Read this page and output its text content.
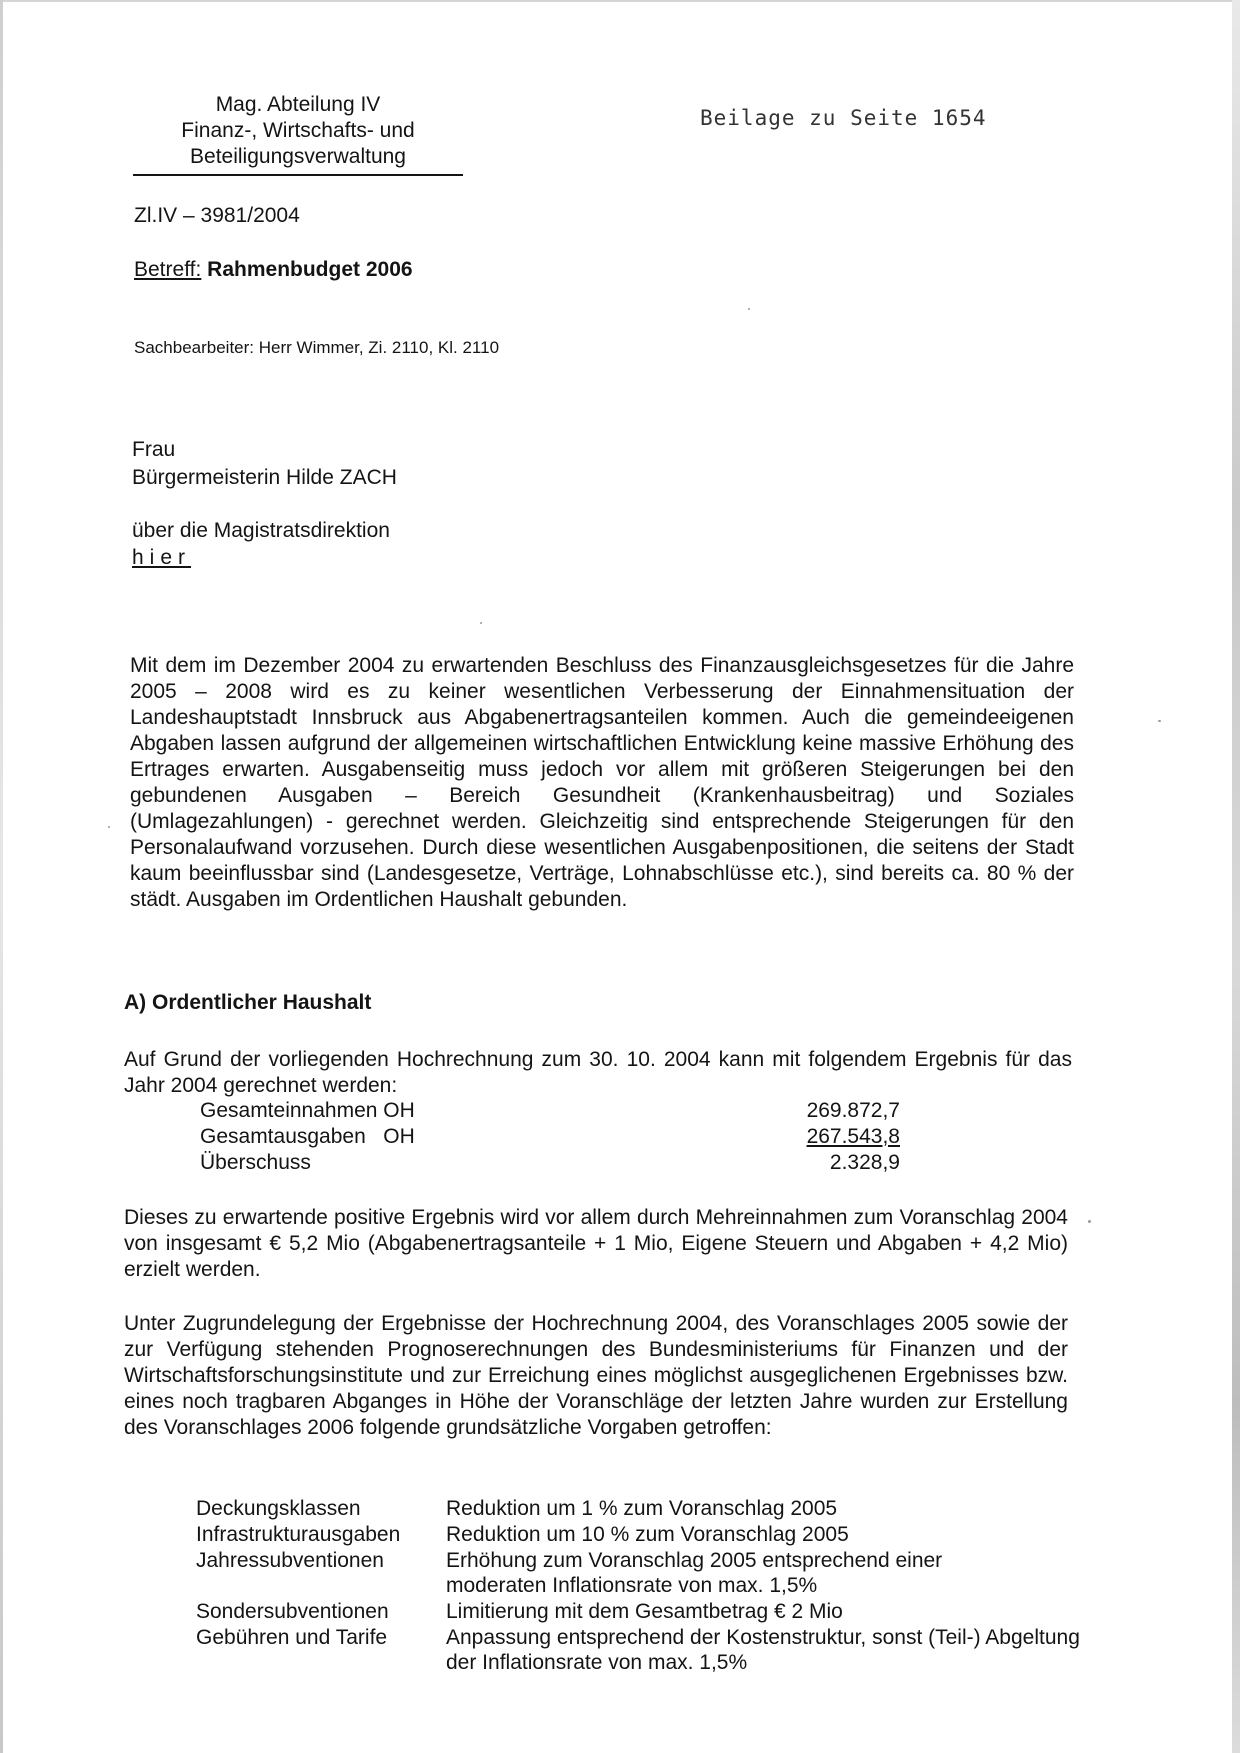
Mag. Abteilung IV
Finanz-, Wirtschafts- und
Beteiligungsverwaltung
Beilage zu Seite 1654
Zl.IV – 3981/2004
Betreff: Rahmenbudget 2006
Sachbearbeiter: Herr Wimmer, Zi. 2110, Kl. 2110
Frau
Bürgermeisterin Hilde ZACH
über die Magistratsdirektion
hier
Mit dem im Dezember 2004 zu erwartenden Beschluss des Finanzausgleichsgesetzes für die Jahre 2005 – 2008 wird es zu keiner wesentlichen Verbesserung der Einnahmensituation der Landeshauptstadt Innsbruck aus Abgabenertragsanteilen kommen. Auch die gemeindeeigenen Abgaben lassen aufgrund der allgemeinen wirtschaftlichen Entwicklung keine massive Erhöhung des Ertrages erwarten. Ausgabenseitig muss jedoch vor allem mit größeren Steigerungen bei den gebundenen Ausgaben – Bereich Gesundheit (Krankenhausbeitrag) und Soziales (Umlagezahlungen) - gerechnet werden. Gleichzeitig sind entsprechende Steigerungen für den Personalaufwand vorzusehen. Durch diese wesentlichen Ausgabenpositionen, die seitens der Stadt kaum beeinflussbar sind (Landesgesetze, Verträge, Lohnabschlüsse etc.), sind bereits ca. 80 % der städt. Ausgaben im Ordentlichen Haushalt gebunden.
A) Ordentlicher Haushalt
Auf Grund der vorliegenden Hochrechnung zum 30. 10. 2004 kann mit folgendem Ergebnis für das Jahr 2004 gerechnet werden:
Gesamteinnahmen OH	269.872,7
Gesamtausgaben   OH	267.543,8
Überschuss	2.328,9
Dieses zu erwartende positive Ergebnis wird vor allem durch Mehreinnahmen zum Voranschlag 2004 von insgesamt € 5,2 Mio (Abgabenertragsanteile + 1 Mio, Eigene Steuern und Abgaben + 4,2 Mio) erzielt werden.
Unter Zugrundelegung der Ergebnisse der Hochrechnung 2004, des Voranschlages 2005 sowie der zur Verfügung stehenden Prognoserechnungen des Bundesministeriums für Finanzen und der Wirtschaftsforschungsinstitute und zur Erreichung eines möglichst ausgeglichenen Ergebnisses bzw. eines noch tragbaren Abganges in Höhe der Voranschläge der letzten Jahre wurden zur Erstellung des Voranschlages 2006 folgende grundsätzliche Vorgaben getroffen:
Deckungsklassen	Reduktion um 1 % zum Voranschlag 2005
Infrastrukturausgaben Reduktion um 10 % zum Voranschlag 2005
Jahressubventionen	Erhöhung zum Voranschlag 2005 entsprechend einer moderaten Inflationsrate von max. 1,5%
Sondersubventionen	Limitierung mit dem Gesamtbetrag € 2 Mio
Gebühren und Tarife	Anpassung entsprechend der Kostenstruktur, sonst (Teil-) Abgeltung der Inflationsrate von max. 1,5%
